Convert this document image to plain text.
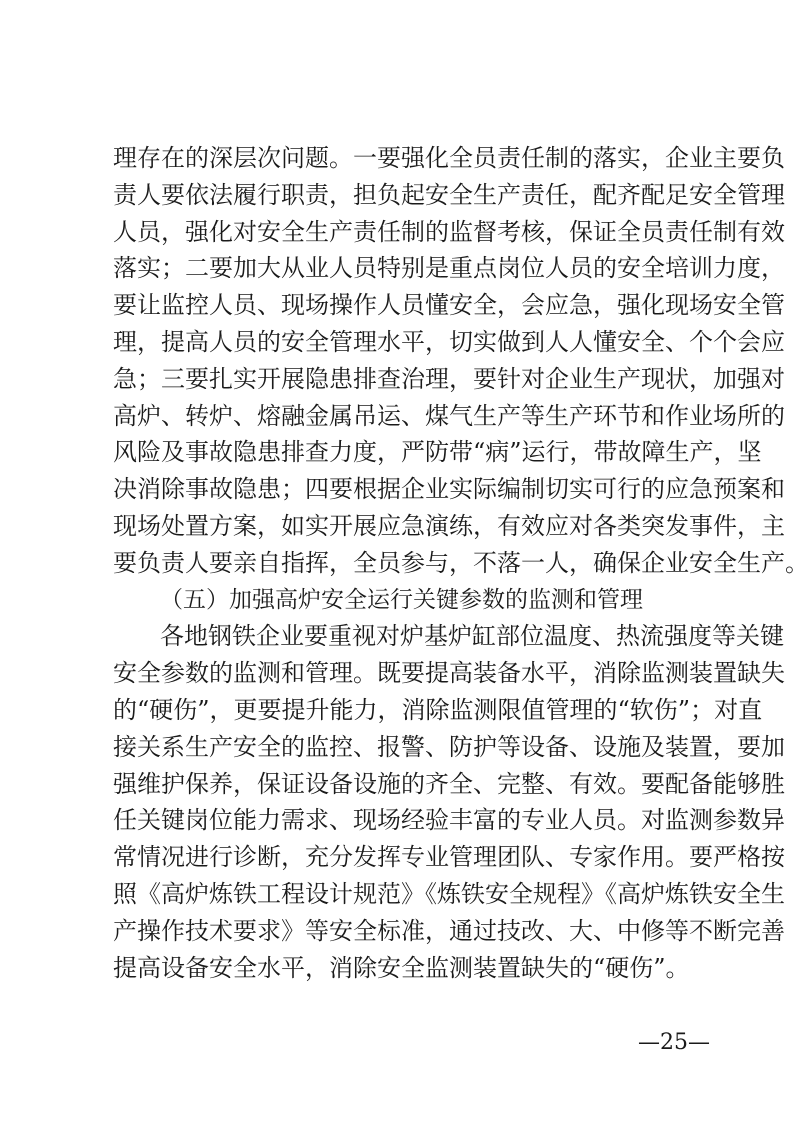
—25—
理存在的深层次问题。一要强化全员责任制的落实，企业主要负
责人要依法履行职责，担负起安全生产责任，配齐配足安全管理
人员，强化对安全生产责任制的监督考核，保证全员责任制有效
落实；二要加大从业人员特别是重点岗位人员的安全培训力度，
要让监控人员、现场操作人员懂安全，会应急，强化现场安全管
理，提高人员的安全管理水平，切实做到人人懂安全、个个会应
急；三要扎实开展隐患排查治理，要针对企业生产现状，加强对
高炉、转炉、熔融金属吊运、煤气生产等生产环节和作业场所的
风险及事故隐患排查力度，严防带“病”运行，带故障生产，坚
决消除事故隐患；四要根据企业实际编制切实可行的应急预案和
现场处置方案，如实开展应急演练，有效应对各类突发事件，主
要负责人要亲自指挥，全员参与，不落一人，确保企业安全生产。
（五）加强高炉安全运行关键参数的监测和管理
各地钢铁企业要重视对炉基炉缸部位温度、热流强度等关键
安全参数的监测和管理。既要提高装备水平，消除监测装置缺失
的“硬伤”，更要提升能力，消除监测限值管理的“软伤”；对直
接关系生产安全的监控、报警、防护等设备、设施及装置，要加
强维护保养，保证设备设施的齐全、完整、有效。要配备能够胜
任关键岗位能力需求、现场经验丰富的专业人员。对监测参数异
常情况进行诊断，充分发挥专业管理团队、专家作用。要严格按
照《高炉炼铁工程设计规范》《炼铁安全规程》《高炉炼铁安全生
产操作技术要求》等安全标准，通过技改、大、中修等不断完善
提高设备安全水平，消除安全监测装置缺失的“硬伤”。
